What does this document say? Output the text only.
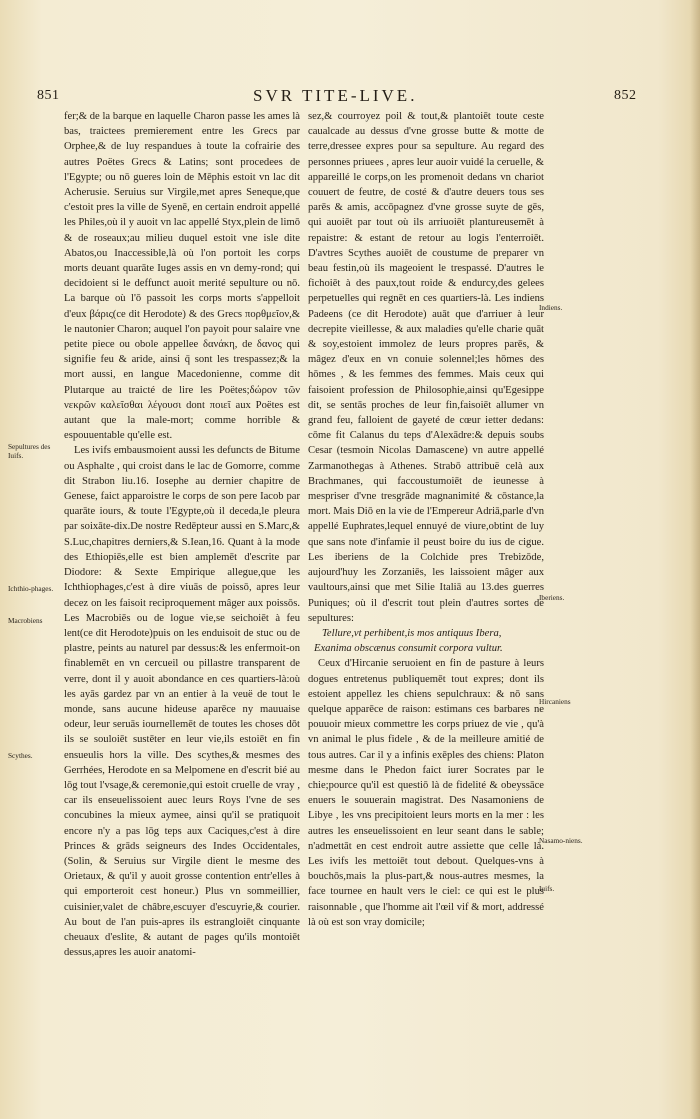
851	SVR TITE-LIVE.	852

fer;& de la barque en laquelle Charon passe les ames là bas, traictees premierement entre les Grecs par Orphee,& de luy respandues à toute la cofrairie des autres Poëtes Grecs & Latins; sont procedees de l'Egypte; ou nō gueres loin de Mēphis estoit vn lac dit Acherusie. Seruius sur Virgile,met apres Seneque,que c'estoit pres la ville de Syenē, en certain endroit appellé les Philes,où il y auoit vn lac appellé Styx,plein de limō & de roseaux;au milieu duquel estoit vne isle dite Abatos,ou Inaccessible,là où l'on portoit les corps morts deuant quarāte Iuges assis en vn demy-rond; qui decidoient si le deffunct auoit merité sepulture ou nō. La barque où l'ō passoit les corps morts s'appelloit d'eux βάρις(ce dit Herodote) & des Grecs πορθμεῖον,& le nautonier Charon; auquel l'on payoit pour salaire vne petite piece ou obole appellee δανάκη, de δανος qui signifie feu & aride, ainsi q̄ sont les trespassez;& la mort aussi, en langue Macedonienne, comme dit Plutarque au traicté de lire les Poëtes;δώρον τῶν νεκρῶν καλεῖσθαι λέγουσι dont ποιεῖ aux Poëtes est autant que la male-mort; comme horrible & espouuentable qu'elle est.

Les ivifs embausmoient aussi les defuncts de Bitume ou Asphalte , qui croist dans le lac de Gomorre, comme dit Strabon liu.16. Iosephe au dernier chapitre de Genese, faict apparoistre le corps de son pere Iacob par quarāte iours, & toute l'Egypte,où il deceda,le pleura par soixāte-dix.De nostre Redēpteur aussi en S.Marc,& S.Luc,chapitres derniers,& S.Iean,16. Quant à la mode des Ethiopiēs,elle est bien amplemēt d'escrite par Diodore: & Sexte Empirique allegue,que les Ichthiophages,c'est à dire viuās de poissō, apres leur decez on les faisoit reciproquement mâger aux poissōs. Les Macrobiēs ou de logue vie,se seichoiēt à feu lent(ce dit Herodote)puis on les enduisoit de stuc ou de plastre, peints au naturel par dessus:& les enfermoit-on finablemēt en vn cercueil ou pillastre transparent de verre, dont il y auoit abondance en ces quartiers-là:où les ayās gardez par vn an entier à la veuë de tout le monde, sans aucune hideuse aparēce ny mauuaise odeur, leur seruās iournellemēt de toutes les choses dōt ils se souloiēt sustēter en leur vie,ils estoiēt en fin ensueulis hors la ville. Des scythes,& mesmes des Gerrhées, Herodote en sa Melpomene en d'escrit bié au lōg tout l'vsage,& ceremonie,qui estoit cruelle de vray , car ils enseuelissoient auec leurs Roys l'vne de ses concubines la mieux aymee, ainsi qu'il se pratiquoit encore n'y a pas lōg teps aux Caciques,c'est à dire Princes & grāds seigneurs des Indes Occidentales, (Solin, & Seruius sur Virgile dient le mesme des Orietaux, & qu'il y auoit grosse contention entr'elles à qui emporteroit cest honeur.) Plus vn sommeillier, cuisinier,valet de châbre,escuyer d'escuyrie,& courier. Au bout de l'an puis-apres ils estrangloiēt cinquante cheuaux d'eslite, & autant de pages qu'ils montoiēt dessus,apres les auoir anatomi-

sez,& courroyez poil & tout,& plantoiēt toute ceste caualcade au dessus d'vne grosse butte & motte de terre,dressee expres pour sa sepulture. Au regard des personnes priuees , apres leur auoir vuidé la ceruelle, & appareillé le corps,on les promenoit dedans vn chariot couuert de feutre, de costé & d'autre deuers tous ses parēs & amis, accōpagnez d'vne grosse suyte de gēs, qui auoiēt par tout où ils arriuoiēt plantureusemēt à repaistre: & estant de retour au logis l'enterroiēt. D'avtres Scythes auoiēt de coustume de preparer vn beau festin,où ils mageoient le trespassé. D'autres le fichoiēt à des paux,tout roide & endurcy,des gelees perpetuelles qui regnēt en ces quartiers-là. Les indiens Padeens (ce dit Herodote) auāt que d'arriuer à leur decrepite vieillesse, & aux maladies qu'elle charie quāt & soy,estoient immolez de leurs propres parēs, & mâgez d'eux en vn conuie solennel;les hōmes des hōmes , & les femmes des femmes. Mais ceux qui faisoient profession de Philosophie,ainsi qu'Egesippe dit, se sentās proches de leur fin,faisoiēt allumer vn grand feu, falloient de gayeté de cœur ietter dedans: cōme fit Calanus du teps d'Alexādre:& depuis soubs Cesar (tesmoin Nicolas Damascene) vn autre appellé Zarmanothegas à Athenes. Strabō attribuë celà aux Brachmanes, qui faccoustumoiēt de ieunesse à mespriser d'vne tresgrāde magnanimité & cōstance,la mort. Mais Diō en la vie de l'Empereur Adriā,parle d'vn appellé Euphrates,lequel ennuyé de viure,obtint de luy que sans note d'infamie il peust boire du ius de cigue. Les iberiens de la Colchide pres Trebizōde, aujourd'huy les Zorzaniēs, les laissoient mâger aux vaultours,ainsi que met Silie Italiā au 13.des guerres Puniques; où il d'escrit tout plein d'autres sortes de sepultures:

Tellure,vt perhibent,is mos antiquus Ibera,

Exanima obscænus consumit corpora vultur.

Ceux d'Hircanie seruoient en fin de pasture à leurs dogues entretenus publiquemēt tout expres; dont ils estoient appellez les chiens sepulchraux: & nō sans quelque apparēce de raison: estimans ces barbares ne pouuoir mieux commettre les corps priuez de vie , qu'à vn animal le plus fidele , & de la meilleure amitié de tous autres. Car il y a infinis exēples des chiens: Platon mesme dans le Phedon faict iurer Socrates par le chie;pource qu'il est questiō là de fidelité & obeyssāce enuers le souuerain magistrat. Des Nasamoniens de Libye , les vns precipitoient leurs morts en la mer : les autres les enseuelissoient en leur seant dans le sable; n'admettāt en cest endroit autre assiette que celle là. Les ivifs les mettoiēt tout debout. Quelques-vns à bouchōs,mais la plus-part,& nous-autres mesmes, la face tournee en hault vers le ciel: ce qui est le plus raisonnable , que l'homme ait l'œil vif & mort, addressé là où est son vray domicile;

Sepultures des Iuifs.
Ichthio-phages.
Macrobiens
Scythes.
Indiens.
Iberiens.
Hircaniens
Nasamo-niens.
Iuifs.
